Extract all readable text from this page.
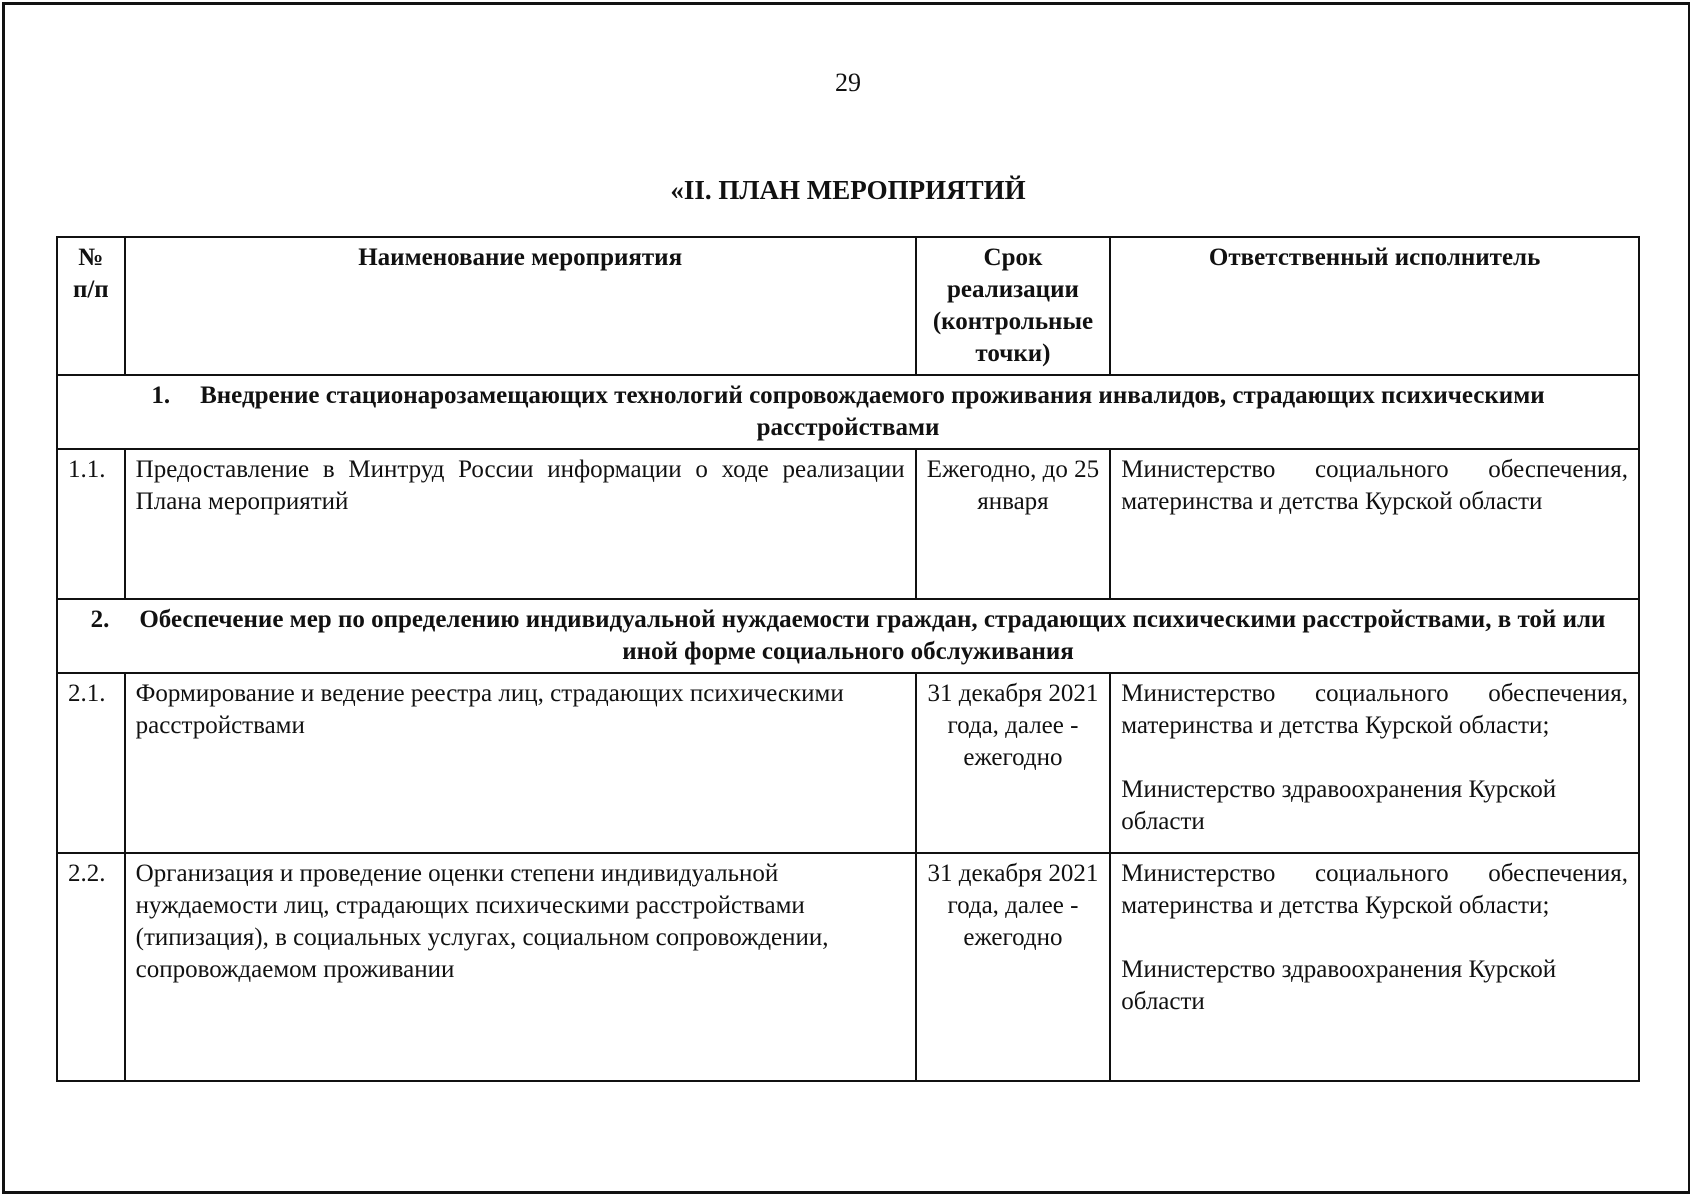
29
«II. ПЛАН МЕРОПРИЯТИЙ
№ п/п	Наименование мероприятия	Срок реализации (контрольные точки)	Ответственный исполнитель
1. Внедрение стационарозамещающих технологий сопровождаемого проживания инвалидов, страдающих психическими расстройствами			
1.1.	Предоставление в Минтруд России информации о ходе реализации Плана мероприятий	Ежегодно, до 25 января	Министерство социального обеспечения, материнства и детства Курской области

2. Обеспечение мер по определению индивидуальной нуждаемости граждан, страдающих психическими расстройствами, в той или иной форме социального обслуживания			
2.1.	Формирование и ведение реестра лиц, страдающих психическими расстройствами	31 декабря 2021 года, далее - ежегодно	Министерство социального обеспечения, материнства и детства Курской области;
Министерство здравоохранения Курской области

2.2.	Организация и проведение оценки степени индивидуальной нуждаемости лиц, страдающих психическими расстройствами (типизация), в социальных услугах, социальном сопровождении, сопровождаемом проживании	31 декабря 2021 года, далее - ежегодно	Министерство социального обеспечения, материнства и детства Курской области;
Министерство здравоохранения Курской области
